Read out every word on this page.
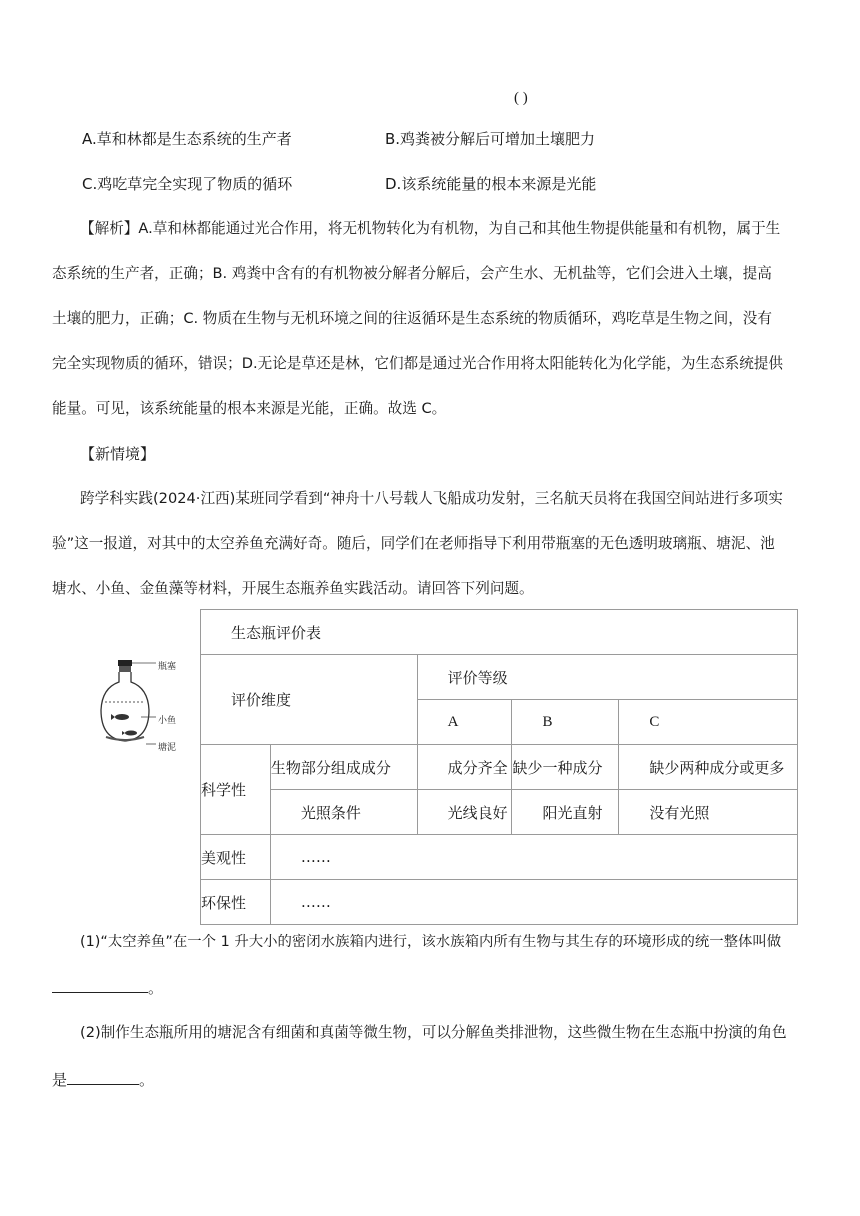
( )
A.草和林都是生态系统的生产者	B.鸡粪被分解后可增加土壤肥力
C.鸡吃草完全实现了物质的循环	D.该系统能量的根本来源是光能
【解析】A.草和林都能通过光合作用，将无机物转化为有机物，为自己和其他生物提供能量和有机物，属于生
态系统的生产者，正确；B. 鸡粪中含有的有机物被分解者分解后，会产生水、无机盐等，它们会进入土壤，提高
土壤的肥力，正确；C. 物质在生物与无机环境之间的往返循环是生态系统的物质循环，鸡吃草是生物之间，没有
完全实现物质的循环，错误；D.无论是草还是林，它们都是通过光合作用将太阳能转化为化学能，为生态系统提供
能量。可见，该系统能量的根本来源是光能，正确。故选 C。
【新情境】
跨学科实践(2024·江西)某班同学看到“神舟十八号载人飞船成功发射，三名航天员将在我国空间站进行多项实
验”这一报道，对其中的太空养鱼充满好奇。随后，同学们在老师指导下利用带瓶塞的无色透明玻璃瓶、塘泥、池
塘水、小鱼、金鱼藻等材料，开展生态瓶养鱼实践活动。请回答下列问题。
瓶塞
小鱼
塘泥
生态瓶评价表				
评价维度		评价等级		
		A	B	C
科学性	生物部分组成成分	成分齐全	缺少一种成分	缺少两种成分或更多
	光照条件	光线良好	阳光直射	没有光照
美观性	……			
环保性	……			
(1)“太空养鱼”在一个 1 升大小的密闭水族箱内进行，该水族箱内所有生物与其生存的环境形成的统一整体叫做
。
(2)制作生态瓶所用的塘泥含有细菌和真菌等微生物，可以分解鱼类排泄物，这些微生物在生态瓶中扮演的角色
是	。
